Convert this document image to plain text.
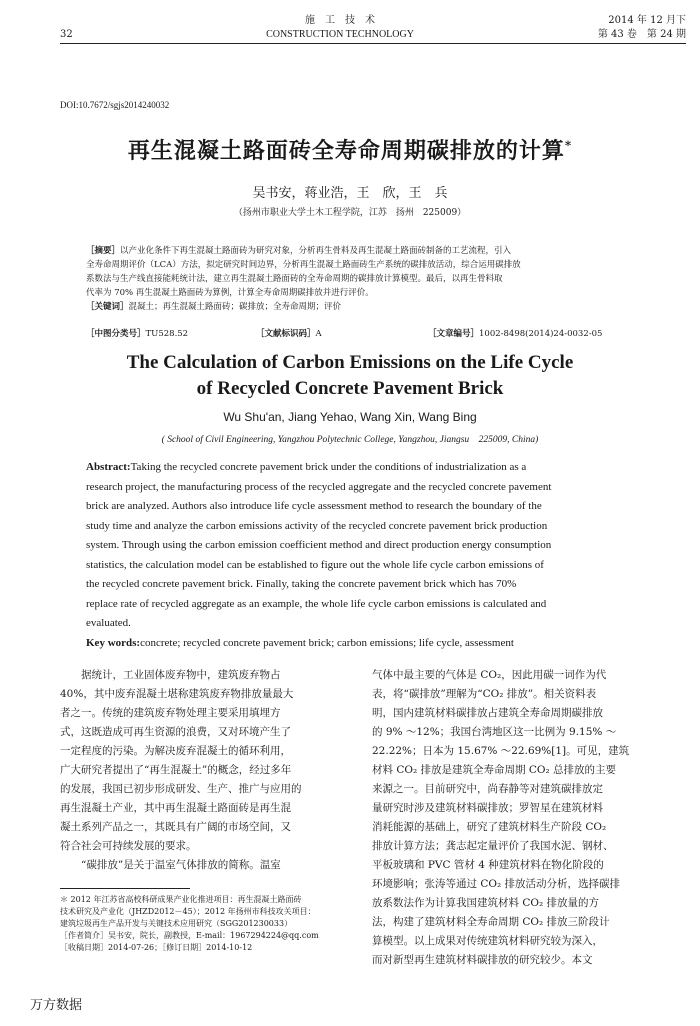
施　工　技　术	2014 年 12 月下
32	CONSTRUCTION TECHNOLOGY	第 43 卷　第 24 期
DOI:10.7672/sgjs2014240032
再生混凝土路面砖全寿命周期碳排放的计算*
吴书安，蒋业浩，王　欣，王　兵
（扬州市职业大学土木工程学院，江苏　扬州　225009）
［摘要］以产业化条件下再生混凝土路面砖为研究对象，分析再生骨料及再生混凝土路面砖制备的工艺流程，引入
全寿命周期评价（LCA）方法，拟定研究时间边界，分析再生混凝土路面砖生产系统的碳排放活动，综合运用碳排放
系数法与生产线直接能耗统计法，建立再生混凝土路面砖的全寿命周期的碳排放计算模型。最后，以再生骨料取
代率为 70% 再生混凝土路面砖为算例，计算全寿命周期碳排放并进行评价。
［关键词］混凝土；再生混凝土路面砖；碳排放；全寿命周期；评价
［中图分类号］TU528.52	［文献标识码］A	［文章编号］1002-8498(2014)24-0032-05
The Calculation of Carbon Emissions on the Life Cycle
of Recycled Concrete Pavement Brick
Wu Shu'an, Jiang Yehao, Wang Xin, Wang Bing
( School of Civil Engineering, Yangzhou Polytechnic College, Yangzhou, Jiangsu　225009, China)
Abstract:Taking the recycled concrete pavement brick under the conditions of industrialization as a
research project, the manufacturing process of the recycled aggregate and the recycled concrete pavement
brick are analyzed. Authors also introduce life cycle assessment method to research the boundary of the
study time and analyze the carbon emissions activity of the recycled concrete pavement brick production
system. Through using the carbon emission coefficient method and direct production energy consumption
statistics, the calculation model can be established to figure out the whole life cycle carbon emissions of
the recycled concrete pavement brick. Finally, taking the concrete pavement brick which has 70%
replace rate of recycled aggregate as an example, the whole life cycle carbon emissions is calculated and
evaluated.
Key words:concrete; recycled concrete pavement brick; carbon emissions; life cycle, assessment
　　据统计，工业固体废弃物中，建筑废弃物占
40%，其中废弃混凝土堪称建筑废弃物排放量最大
者之一。传统的建筑废弃物处理主要采用填埋方
式，这既造成可再生资源的浪费，又对环境产生了
一定程度的污染。为解决废弃混凝土的循环利用，
广大研究者提出了“再生混凝土”的概念，经过多年
的发展，我国已初步形成研发、生产、推广与应用的
再生混凝土产业，其中再生混凝土路面砖是再生混
凝土系列产品之一，其既具有广阔的市场空间，又
符合社会可持续发展的要求。
　　“碳排放”是关于温室气体排放的简称。温室
＊ 2012 年江苏省高校科研成果产业化推进项目：再生混凝土路面砖
技术研究及产业化（JHZD2012－45）；2012 年扬州市科技攻关项目：
建筑垃圾再生产品开发与关键技术应用研究（SGG201230033）
［作者简介］吴书安，院长，副教授，E-mail：1967294224@qq.com
［收稿日期］2014-07-26；［修订日期］2014-10-12
气体中最主要的气体是 CO₂，因此用碳一词作为代
表，将“碳排放”理解为“CO₂ 排放”。相关资料表
明，国内建筑材料碳排放占建筑全寿命周期碳排放
的 9% ～12%；我国台湾地区这一比例为 9.15% ～
22.22%；日本为 15.67% ～22.69%[1]。可见，建筑
材料 CO₂ 排放是建筑全寿命周期 CO₂ 总排放的主要
来源之一。目前研究中，尚春静等对建筑碳排放定
量研究时涉及建筑材料碳排放；罗智星在建筑材料
消耗能源的基础上，研究了建筑材料生产阶段 CO₂
排放计算方法；龚志起定量评价了我国水泥、钢材、
平板玻璃和 PVC 管材 4 种建筑材料在物化阶段的
环境影响；张涛等通过 CO₂ 排放活动分析，选择碳排
放系数法作为计算我国建筑材料 CO₂ 排放量的方
法，构建了建筑材料全寿命周期 CO₂ 排放三阶段计
算模型。以上成果对传统建筑材料研究较为深入，
而对新型再生建筑材料碳排放的研究较少。本文
万方数据
